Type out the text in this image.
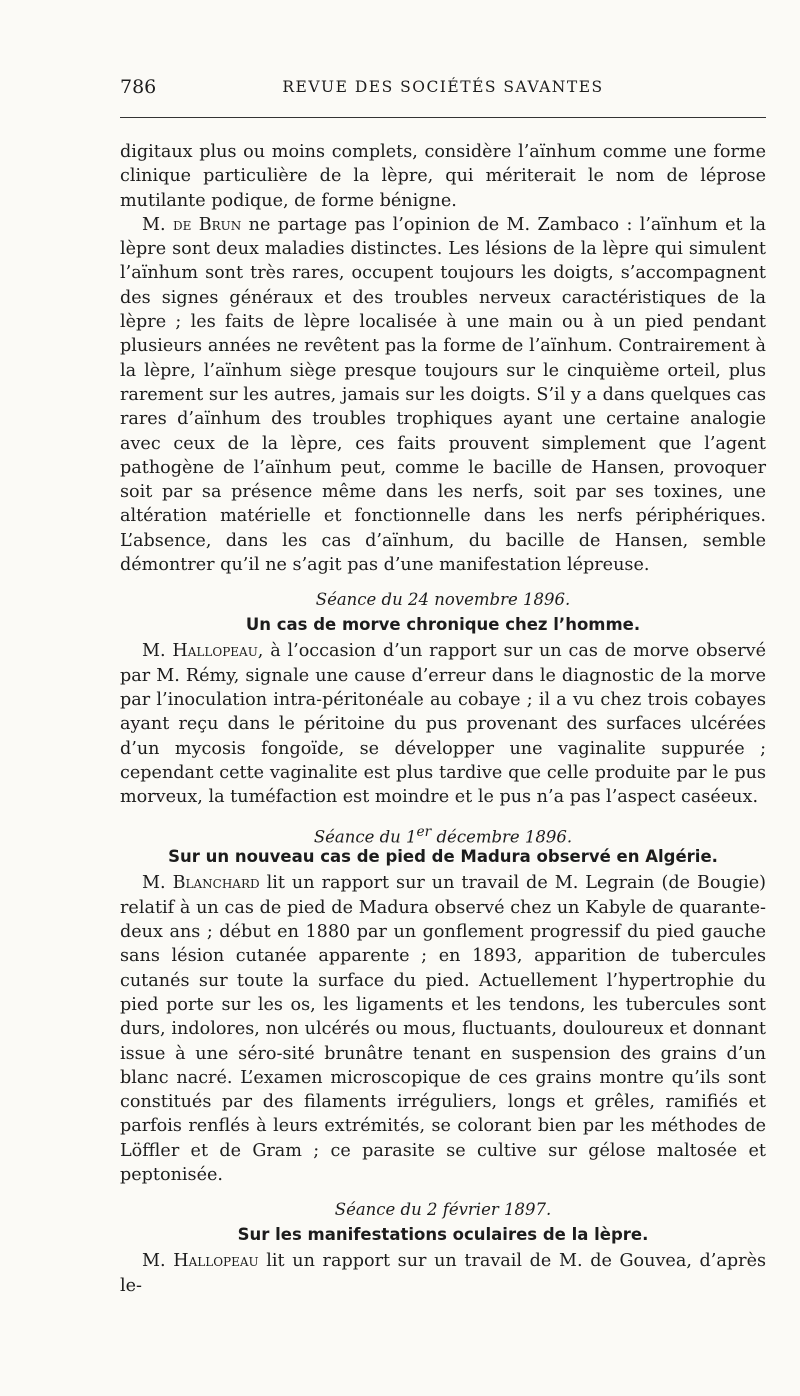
786	REVUE DES SOCIÉTÉS SAVANTES

digitaux plus ou moins complets, considère l’aïnhum comme une forme clinique particulière de la lèpre, qui mériterait le nom de léprose mutilante podique, de forme bénigne.

M. de Brun ne partage pas l’opinion de M. Zambaco : l’aïnhum et la lèpre sont deux maladies distinctes. Les lésions de la lèpre qui simulent l’aïnhum sont très rares, occupent toujours les doigts, s’accompagnent des signes généraux et des troubles nerveux caractéristiques de la lèpre ; les faits de lèpre localisée à une main ou à un pied pendant plusieurs années ne revêtent pas la forme de l’aïnhum. Contrairement à la lèpre, l’aïnhum siège presque toujours sur le cinquième orteil, plus rarement sur les autres, jamais sur les doigts. S’il y a dans quelques cas rares d’aïnhum des troubles trophiques ayant une certaine analogie avec ceux de la lèpre, ces faits prouvent simplement que l’agent pathogène de l’aïnhum peut, comme le bacille de Hansen, provoquer soit par sa présence même dans les nerfs, soit par ses toxines, une altération matérielle et fonctionnelle dans les nerfs périphériques. L’absence, dans les cas d’aïnhum, du bacille de Hansen, semble démontrer qu’il ne s’agit pas d’une manifestation lépreuse.

Séance du 24 novembre 1896.
Un cas de morve chronique chez l’homme.

M. Hallopeau, à l’occasion d’un rapport sur un cas de morve observé par M. Rémy, signale une cause d’erreur dans le diagnostic de la morve par l’inoculation intra-péritonéale au cobaye ; il a vu chez trois cobayes ayant reçu dans le péritoine du pus provenant des surfaces ulcérées d’un mycosis fongoïde, se développer une vaginalite suppurée ; cependant cette vaginalite est plus tardive que celle produite par le pus morveux, la tuméfaction est moindre et le pus n’a pas l’aspect caséeux.

Séance du 1er décembre 1896.
Sur un nouveau cas de pied de Madura observé en Algérie.

M. Blanchard lit un rapport sur un travail de M. Legrain (de Bougie) relatif à un cas de pied de Madura observé chez un Kabyle de quarante-deux ans ; début en 1880 par un gonflement progressif du pied gauche sans lésion cutanée apparente ; en 1893, apparition de tubercules cutanés sur toute la surface du pied. Actuellement l’hypertrophie du pied porte sur les os, les ligaments et les tendons, les tubercules sont durs, indolores, non ulcérés ou mous, fluctuants, douloureux et donnant issue à une séro-sité brunâtre tenant en suspension des grains d’un blanc nacré. L’examen microscopique de ces grains montre qu’ils sont constitués par des filaments irréguliers, longs et grêles, ramifiés et parfois renflés à leurs extrémités, se colorant bien par les méthodes de Löffler et de Gram ; ce parasite se cultive sur gélose maltosée et peptonisée.

Séance du 2 février 1897.
Sur les manifestations oculaires de la lèpre.

M. Hallopeau lit un rapport sur un travail de M. de Gouvea, d’après le-
